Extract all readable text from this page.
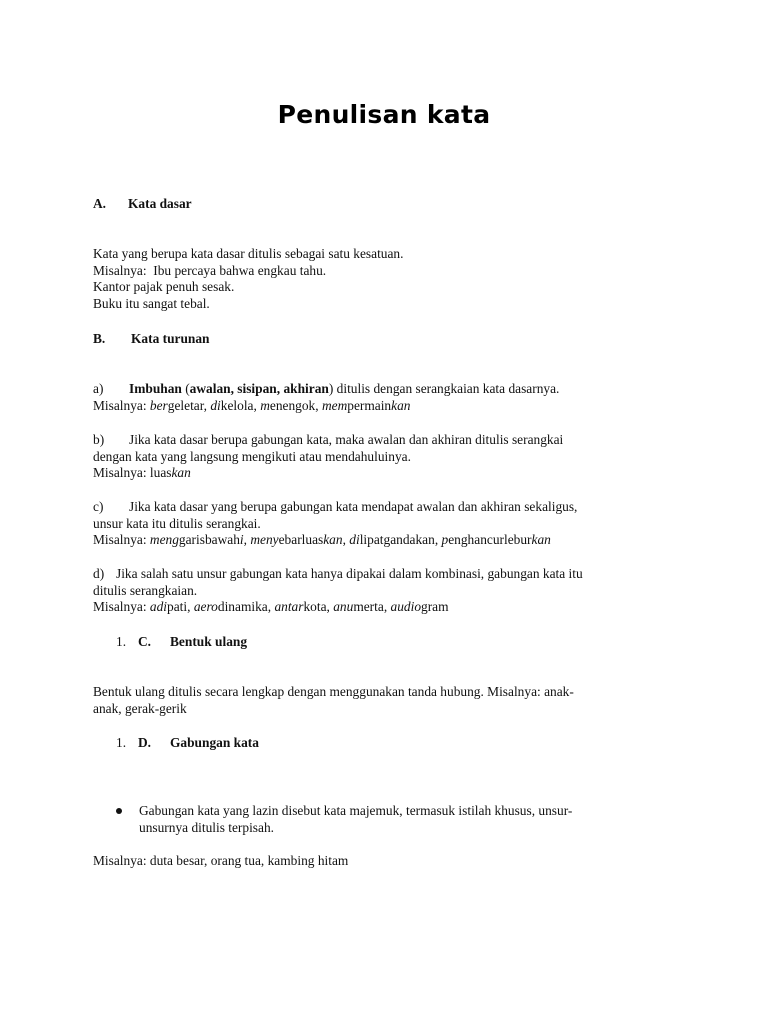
Penulisan kata
A. Kata dasar
Kata yang berupa kata dasar ditulis sebagai satu kesatuan.
Misalnya:  Ibu percaya bahwa engkau tahu.
Kantor pajak penuh sesak.
Buku itu sangat tebal.
B. Kata turunan
a) Imbuhan (awalan, sisipan, akhiran) ditulis dengan serangkaian kata dasarnya.
Misalnya: bergeletar, dikelola, menengok, mempermainkan
b) Jika kata dasar berupa gabungan kata, maka awalan dan akhiran ditulis serangkai
dengan kata yang langsung mengikuti atau mendahuluinya.
Misalnya: luaskan
c) Jika kata dasar yang berupa gabungan kata mendapat awalan dan akhiran sekaligus,
unsur kata itu ditulis serangkai.
Misalnya: menggarisbawahi, menyebarluaskan, dilipatgandakan, penghancurleburkan
d) Jika salah satu unsur gabungan kata hanya dipakai dalam kombinasi, gabungan kata itu
ditulis serangkaian.
Misalnya: adipati, aerodinamika, antarkota, anumerta, audiogram
1. C. Bentuk ulang
Bentuk ulang ditulis secara lengkap dengan menggunakan tanda hubung. Misalnya: anak-
anak, gerak-gerik
1. D. Gabungan kata
Gabungan kata yang lazin disebut kata majemuk, termasuk istilah khusus, unsur-
unsurnya ditulis terpisah.
Misalnya: duta besar, orang tua, kambing hitam
